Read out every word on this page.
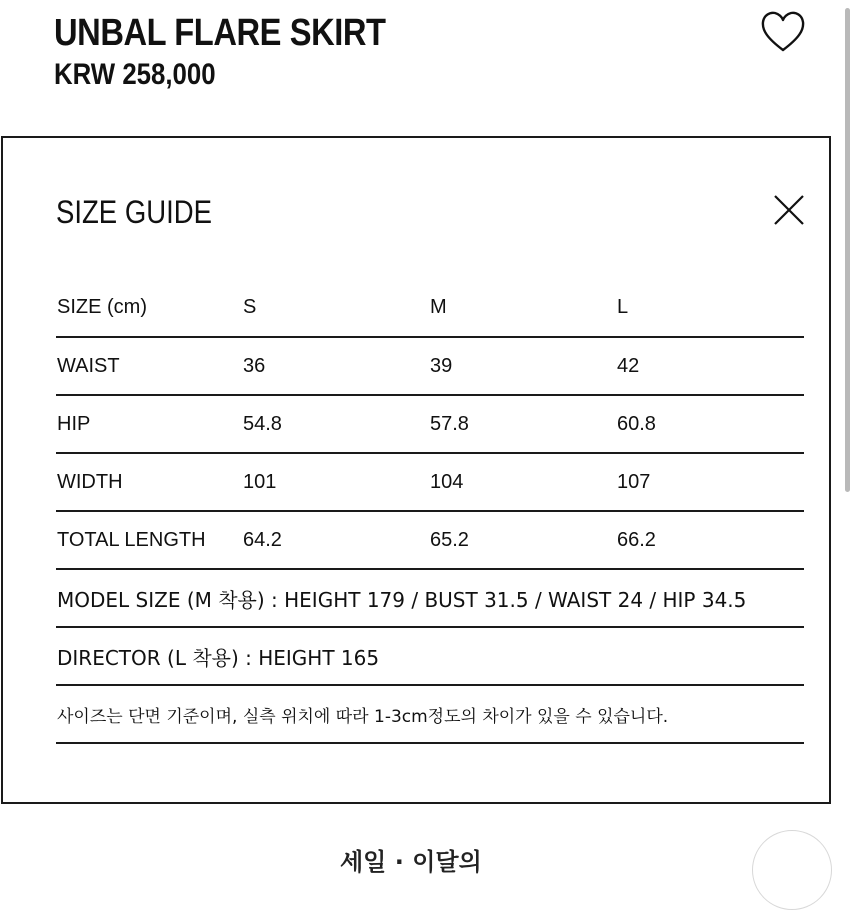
UNBAL FLARE SKIRT
KRW 258,000
SIZE GUIDE
SIZE (cm)	S	M	L
WAIST	36	39	42
HIP	54.8	57.8	60.8
WIDTH	101	104	107
TOTAL LENGTH 64.2	65.2	66.2
MODEL SIZE (M 착용) : HEIGHT 179 / BUST 31.5 / WAIST 24 / HIP 34.5
DIRECTOR (L 착용) : HEIGHT 165
사이즈는 단면 기준이며, 실측 위치에 따라 1-3cm정도의 차이가 있을 수 있습니다.
세일 · 이달의
